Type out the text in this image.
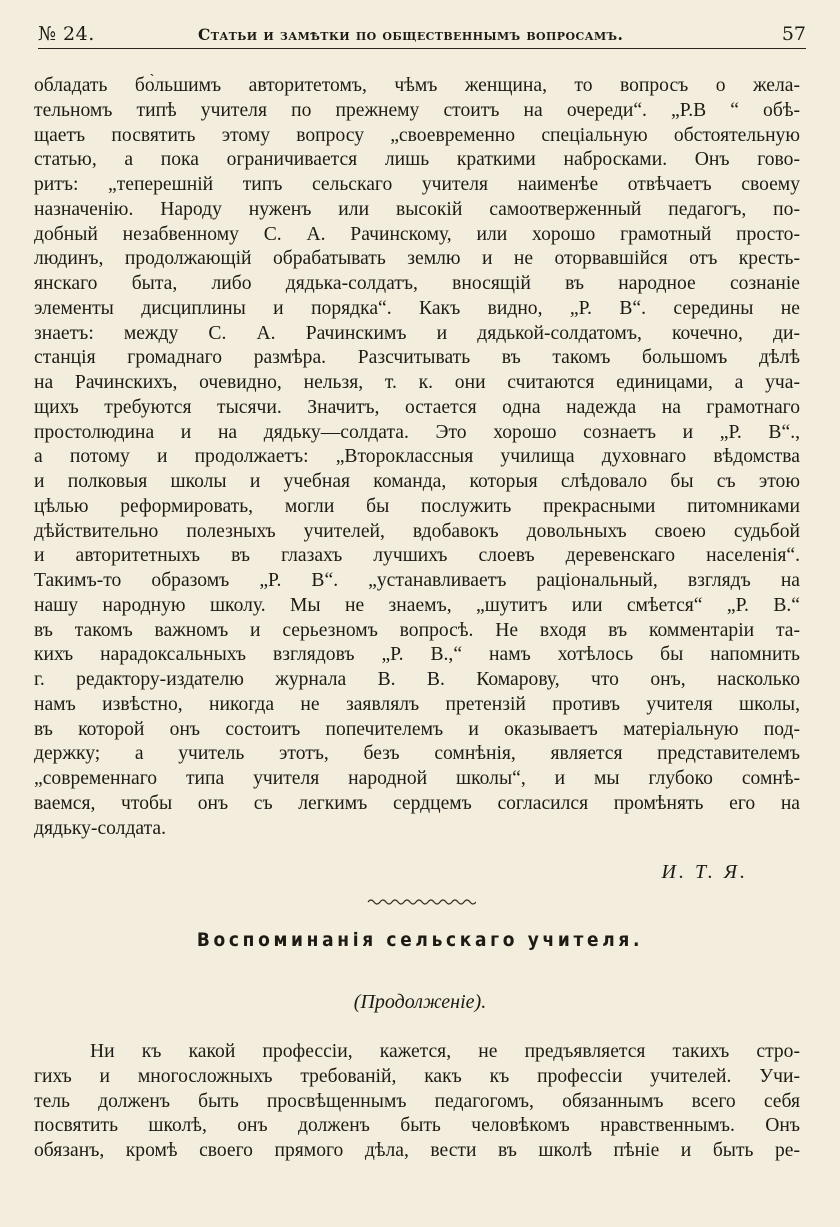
№ 24.	Статьи и замѣтки по общественнымъ вопросамъ.	57
обладать бо̀льшимъ авторитетомъ, чѣмъ женщина, то вопросъ о жела-
тельномъ типѣ учителя по прежнему стоитъ на очереди“. „Р.В “ обѣ-
щаетъ посвятить этому вопросу „своевременно спеціальную обстоятельную
статью, а пока ограничивается лишь краткими набросками. Онъ гово-
ритъ: „теперешній типъ сельскаго учителя наименѣе отвѣчаетъ своему
назначенію. Народу нуженъ или высокій самоотверженный педагогъ, по-
добный незабвенному С. А. Рачинскому, или хорошо грамотный просто-
людинъ, продолжающій обрабатывать землю и не оторвавшійся отъ кресть-
янскаго быта, либо дядька-солдатъ, вносящій въ народное сознаніе
элементы дисциплины и порядка“. Какъ видно, „Р. В“. середины не
знаетъ: между С. А. Рачинскимъ и дядькой-солдатомъ, кочечно, ди-
станція громаднаго размѣра. Разсчитывать въ такомъ большомъ дѣлѣ
на Рачинскихъ, очевидно, нельзя, т. к. они считаются единицами, а уча-
щихъ требуются тысячи. Значитъ, остается одна надежда на грамотнаго
простолюдина и на дядьку—солдата. Это хорошо сознаетъ и „Р. В“.,
а потому и продолжаетъ: „Второклассныя училища духовнаго вѣдомства
и полковыя школы и учебная команда, которыя слѣдовало бы съ этою
цѣлью реформировать, могли бы послужить прекрасными питомниками
дѣйствительно полезныхъ учителей, вдобавокъ довольныхъ своею судьбой
и авторитетныхъ въ глазахъ лучшихъ слоевъ деревенскаго населенія“.
Такимъ-то образомъ „Р. В“. „устанавливаетъ раціональный, взглядъ на
нашу народную школу. Мы не знаемъ, „шутитъ или смѣется“ „Р. В.“
въ такомъ важномъ и серьезномъ вопросѣ. Не входя въ комментаріи та-
кихъ нарадоксальныхъ взглядовъ „Р. В.,“ намъ хотѣлось бы напомнить
г. редактору-издателю журнала В. В. Комарову, что онъ, насколько
намъ извѣстно, никогда не заявлялъ претензій противъ учителя школы,
въ которой онъ состоитъ попечителемъ и оказываетъ матеріальную под-
держку; а учитель этотъ, безъ сомнѣнія, является представителемъ
„современнаго типа учителя народной школы“, и мы глубоко сомнѣ-
ваемся, чтобы онъ съ легкимъ сердцемъ согласился промѣнять его на
дядьку-солдата.
И. Т. Я.
Воспоминанія сельскаго учителя.
(Продолженіе).
Ни къ какой профессіи, кажется, не предъявляется такихъ стро-
гихъ и многосложныхъ требованій, какъ къ профессіи учителей. Учи-
тель долженъ быть просвѣщеннымъ педагогомъ, обязаннымъ всего себя
посвятить школѣ, онъ долженъ быть человѣкомъ нравственнымъ. Онъ
обязанъ, кромѣ своего прямого дѣла, вести въ школѣ пѣніе и быть ре-
